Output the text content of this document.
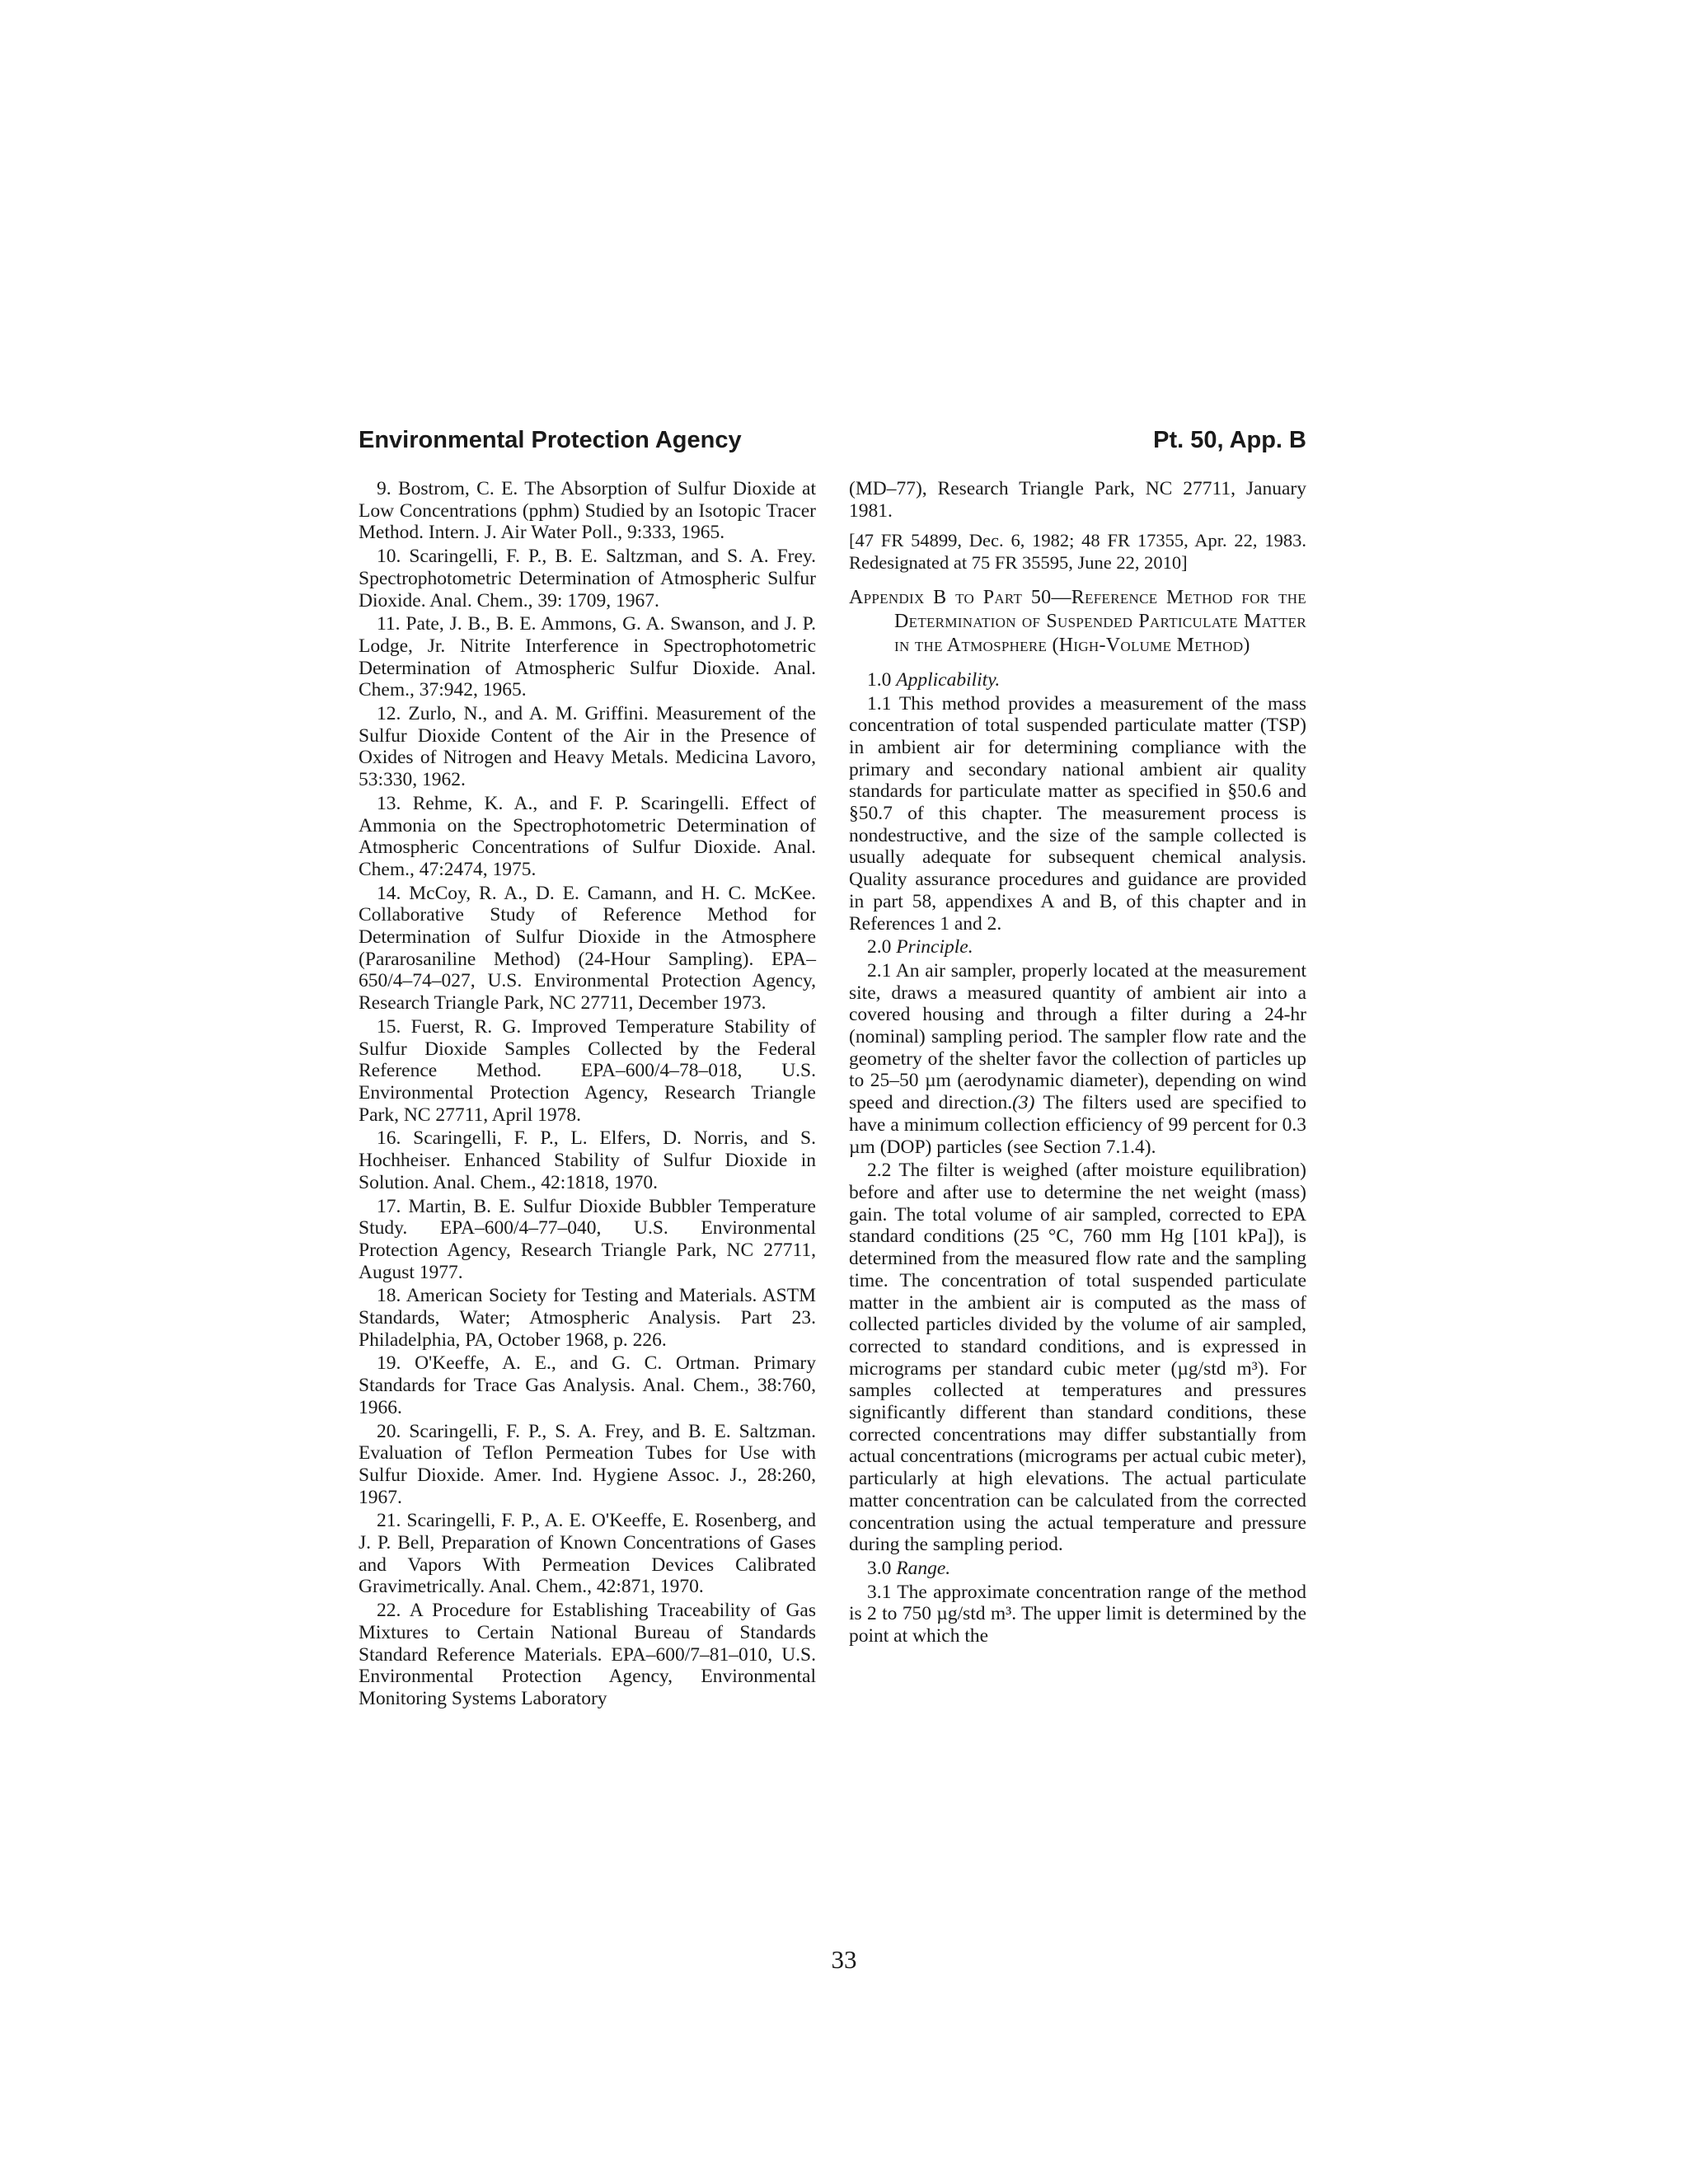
Environmental Protection Agency	Pt. 50, App. B

9. Bostrom, C. E. The Absorption of Sulfur Dioxide at Low Concentrations (pphm) Studied by an Isotopic Tracer Method. Intern. J. Air Water Poll., 9:333, 1965.

10. Scaringelli, F. P., B. E. Saltzman, and S. A. Frey. Spectrophotometric Determination of Atmospheric Sulfur Dioxide. Anal. Chem., 39: 1709, 1967.

11. Pate, J. B., B. E. Ammons, G. A. Swanson, and J. P. Lodge, Jr. Nitrite Interference in Spectrophotometric Determination of Atmospheric Sulfur Dioxide. Anal. Chem., 37:942, 1965.

12. Zurlo, N., and A. M. Griffini. Measurement of the Sulfur Dioxide Content of the Air in the Presence of Oxides of Nitrogen and Heavy Metals. Medicina Lavoro, 53:330, 1962.

13. Rehme, K. A., and F. P. Scaringelli. Effect of Ammonia on the Spectrophotometric Determination of Atmospheric Concentrations of Sulfur Dioxide. Anal. Chem., 47:2474, 1975.

14. McCoy, R. A., D. E. Camann, and H. C. McKee. Collaborative Study of Reference Method for Determination of Sulfur Dioxide in the Atmosphere (Pararosaniline Method) (24-Hour Sampling). EPA–650/4–74–027, U.S. Environmental Protection Agency, Research Triangle Park, NC 27711, December 1973.

15. Fuerst, R. G. Improved Temperature Stability of Sulfur Dioxide Samples Collected by the Federal Reference Method. EPA–600/4–78–018, U.S. Environmental Protection Agency, Research Triangle Park, NC 27711, April 1978.

16. Scaringelli, F. P., L. Elfers, D. Norris, and S. Hochheiser. Enhanced Stability of Sulfur Dioxide in Solution. Anal. Chem., 42:1818, 1970.

17. Martin, B. E. Sulfur Dioxide Bubbler Temperature Study. EPA–600/4–77–040, U.S. Environmental Protection Agency, Research Triangle Park, NC 27711, August 1977.

18. American Society for Testing and Materials. ASTM Standards, Water; Atmospheric Analysis. Part 23. Philadelphia, PA, October 1968, p. 226.

19. O'Keeffe, A. E., and G. C. Ortman. Primary Standards for Trace Gas Analysis. Anal. Chem., 38:760, 1966.

20. Scaringelli, F. P., S. A. Frey, and B. E. Saltzman. Evaluation of Teflon Permeation Tubes for Use with Sulfur Dioxide. Amer. Ind. Hygiene Assoc. J., 28:260, 1967.

21. Scaringelli, F. P., A. E. O'Keeffe, E. Rosenberg, and J. P. Bell, Preparation of Known Concentrations of Gases and Vapors With Permeation Devices Calibrated Gravimetrically. Anal. Chem., 42:871, 1970.

22. A Procedure for Establishing Traceability of Gas Mixtures to Certain National Bureau of Standards Standard Reference Materials. EPA–600/7–81–010, U.S. Environmental Protection Agency, Environmental Monitoring Systems Laboratory

(MD–77), Research Triangle Park, NC 27711, January 1981.

[47 FR 54899, Dec. 6, 1982; 48 FR 17355, Apr. 22, 1983. Redesignated at 75 FR 35595, June 22, 2010]

Appendix B to Part 50—Reference Method for the Determination of Suspended Particulate Matter in the Atmosphere (High-Volume Method)

1.0 Applicability.

1.1 This method provides a measurement of the mass concentration of total suspended particulate matter (TSP) in ambient air for determining compliance with the primary and secondary national ambient air quality standards for particulate matter as specified in §50.6 and §50.7 of this chapter. The measurement process is nondestructive, and the size of the sample collected is usually adequate for subsequent chemical analysis. Quality assurance procedures and guidance are provided in part 58, appendixes A and B, of this chapter and in References 1 and 2.

2.0 Principle.

2.1 An air sampler, properly located at the measurement site, draws a measured quantity of ambient air into a covered housing and through a filter during a 24-hr (nominal) sampling period. The sampler flow rate and the geometry of the shelter favor the collection of particles up to 25–50 µm (aerodynamic diameter), depending on wind speed and direction.(3) The filters used are specified to have a minimum collection efficiency of 99 percent for 0.3 µm (DOP) particles (see Section 7.1.4).

2.2 The filter is weighed (after moisture equilibration) before and after use to determine the net weight (mass) gain. The total volume of air sampled, corrected to EPA standard conditions (25 °C, 760 mm Hg [101 kPa]), is determined from the measured flow rate and the sampling time. The concentration of total suspended particulate matter in the ambient air is computed as the mass of collected particles divided by the volume of air sampled, corrected to standard conditions, and is expressed in micrograms per standard cubic meter (µg/std m³). For samples collected at temperatures and pressures significantly different than standard conditions, these corrected concentrations may differ substantially from actual concentrations (micrograms per actual cubic meter), particularly at high elevations. The actual particulate matter concentration can be calculated from the corrected concentration using the actual temperature and pressure during the sampling period.

3.0 Range.

3.1 The approximate concentration range of the method is 2 to 750 µg/std m³. The upper limit is determined by the point at which the

33
